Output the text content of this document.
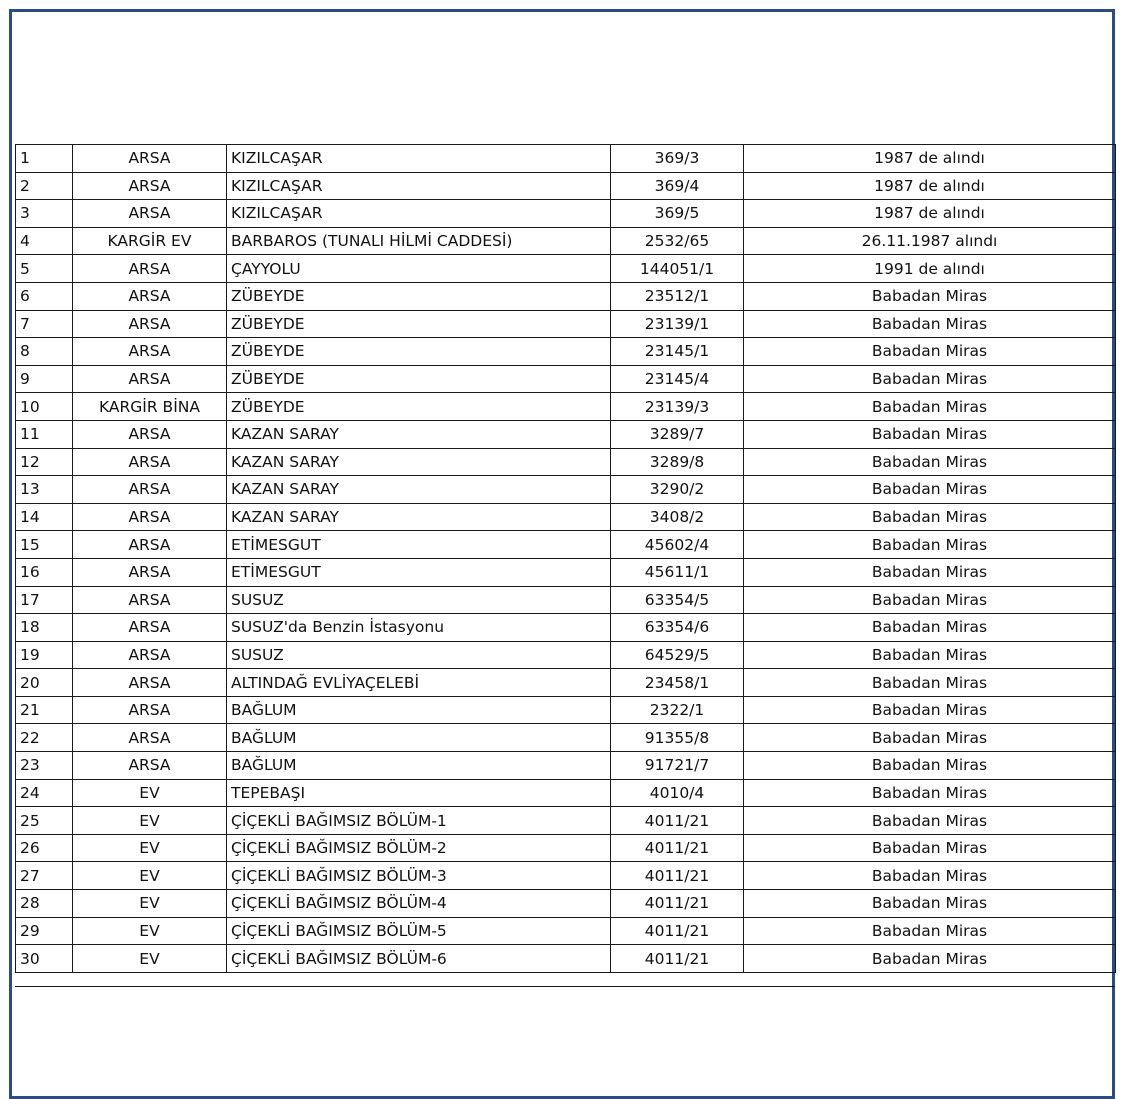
1	ARSA	KIZILCAŞAR	369/3	1987 de alındı
2	ARSA	KIZILCAŞAR	369/4	1987 de alındı
3	ARSA	KIZILCAŞAR	369/5	1987 de alındı
4	KARGİR EV	BARBAROS (TUNALI HİLMİ CADDESİ)	2532/65	26.11.1987 alındı
5	ARSA	ÇAYYOLU	144051/1	1991 de alındı
6	ARSA	ZÜBEYDE	23512/1	Babadan Miras
7	ARSA	ZÜBEYDE	23139/1	Babadan Miras
8	ARSA	ZÜBEYDE	23145/1	Babadan Miras
9	ARSA	ZÜBEYDE	23145/4	Babadan Miras
10	KARGİR BİNA	ZÜBEYDE	23139/3	Babadan Miras
11	ARSA	KAZAN SARAY	3289/7	Babadan Miras
12	ARSA	KAZAN SARAY	3289/8	Babadan Miras
13	ARSA	KAZAN SARAY	3290/2	Babadan Miras
14	ARSA	KAZAN SARAY	3408/2	Babadan Miras
15	ARSA	ETİMESGUT	45602/4	Babadan Miras
16	ARSA	ETİMESGUT	45611/1	Babadan Miras
17	ARSA	SUSUZ	63354/5	Babadan Miras
18	ARSA	SUSUZ'da Benzin İstasyonu	63354/6	Babadan Miras
19	ARSA	SUSUZ	64529/5	Babadan Miras
20	ARSA	ALTINDAĞ EVLİYAÇELEBİ	23458/1	Babadan Miras
21	ARSA	BAĞLUM	2322/1	Babadan Miras
22	ARSA	BAĞLUM	91355/8	Babadan Miras
23	ARSA	BAĞLUM	91721/7	Babadan Miras
24	EV	TEPEBAŞI	4010/4	Babadan Miras
25	EV	ÇİÇEKLİ BAĞIMSIZ BÖLÜM-1	4011/21	Babadan Miras
26	EV	ÇİÇEKLİ BAĞIMSIZ BÖLÜM-2	4011/21	Babadan Miras
27	EV	ÇİÇEKLİ BAĞIMSIZ BÖLÜM-3	4011/21	Babadan Miras
28	EV	ÇİÇEKLİ BAĞIMSIZ BÖLÜM-4	4011/21	Babadan Miras
29	EV	ÇİÇEKLİ BAĞIMSIZ BÖLÜM-5	4011/21	Babadan Miras
30	EV	ÇİÇEKLİ BAĞIMSIZ BÖLÜM-6	4011/21	Babadan Miras
